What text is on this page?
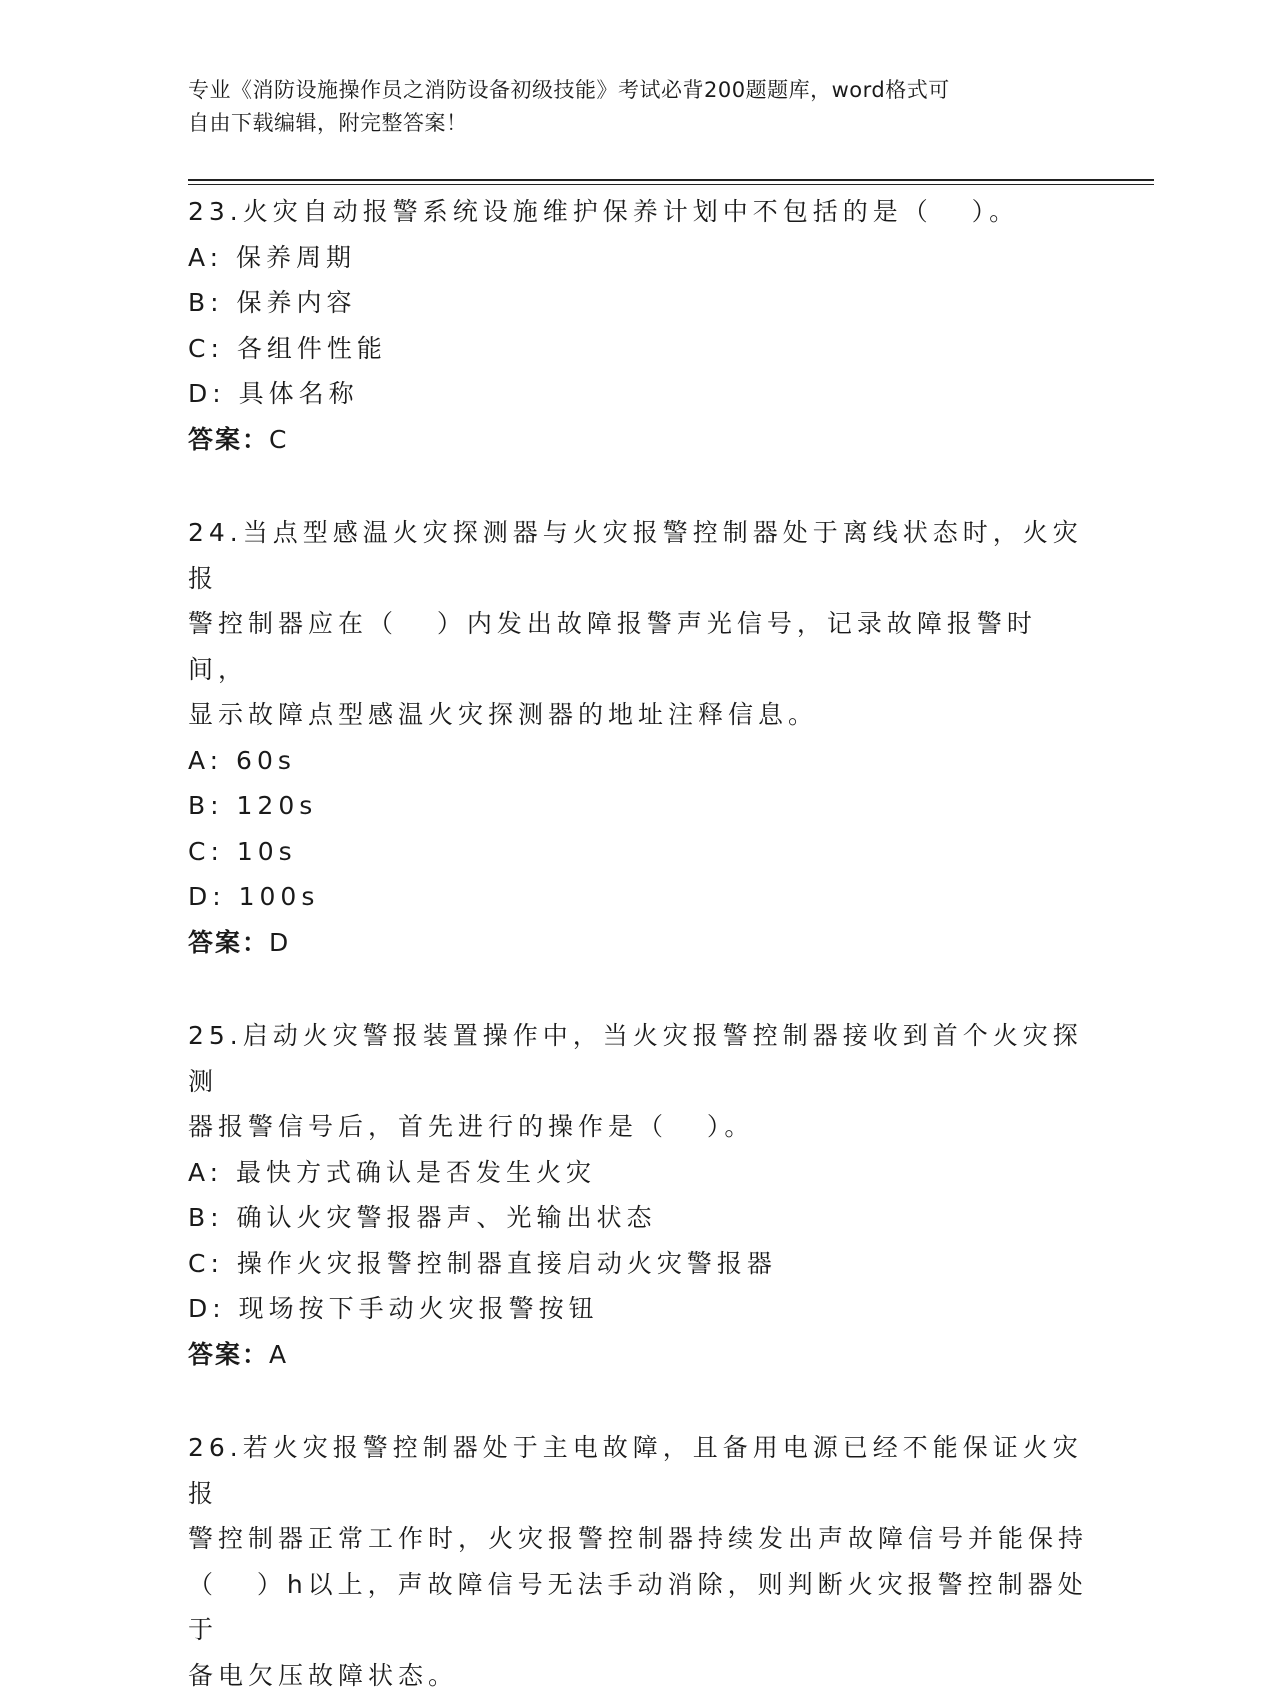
专业《消防设施操作员之消防设备初级技能》考试必背200题题库，word格式可
自由下载编辑，附完整答案！
23.火灾自动报警系统设施维护保养计划中不包括的是（   ）。
A: 保养周期
B: 保养内容
C: 各组件性能
D: 具体名称
答案：C
24.当点型感温火灾探测器与火灾报警控制器处于离线状态时，火灾报
警控制器应在（   ）内发出故障报警声光信号，记录故障报警时间，
显示故障点型感温火灾探测器的地址注释信息。
A: 60s
B: 120s
C: 10s
D: 100s
答案：D
25.启动火灾警报装置操作中，当火灾报警控制器接收到首个火灾探测
器报警信号后，首先进行的操作是（   ）。
A: 最快方式确认是否发生火灾
B: 确认火灾警报器声、光输出状态
C: 操作火灾报警控制器直接启动火灾警报器
D: 现场按下手动火灾报警按钮
答案：A
26.若火灾报警控制器处于主电故障，且备用电源已经不能保证火灾报
警控制器正常工作时，火灾报警控制器持续发出声故障信号并能保持
（   ）h以上，声故障信号无法手动消除，则判断火灾报警控制器处于
备电欠压故障状态。
